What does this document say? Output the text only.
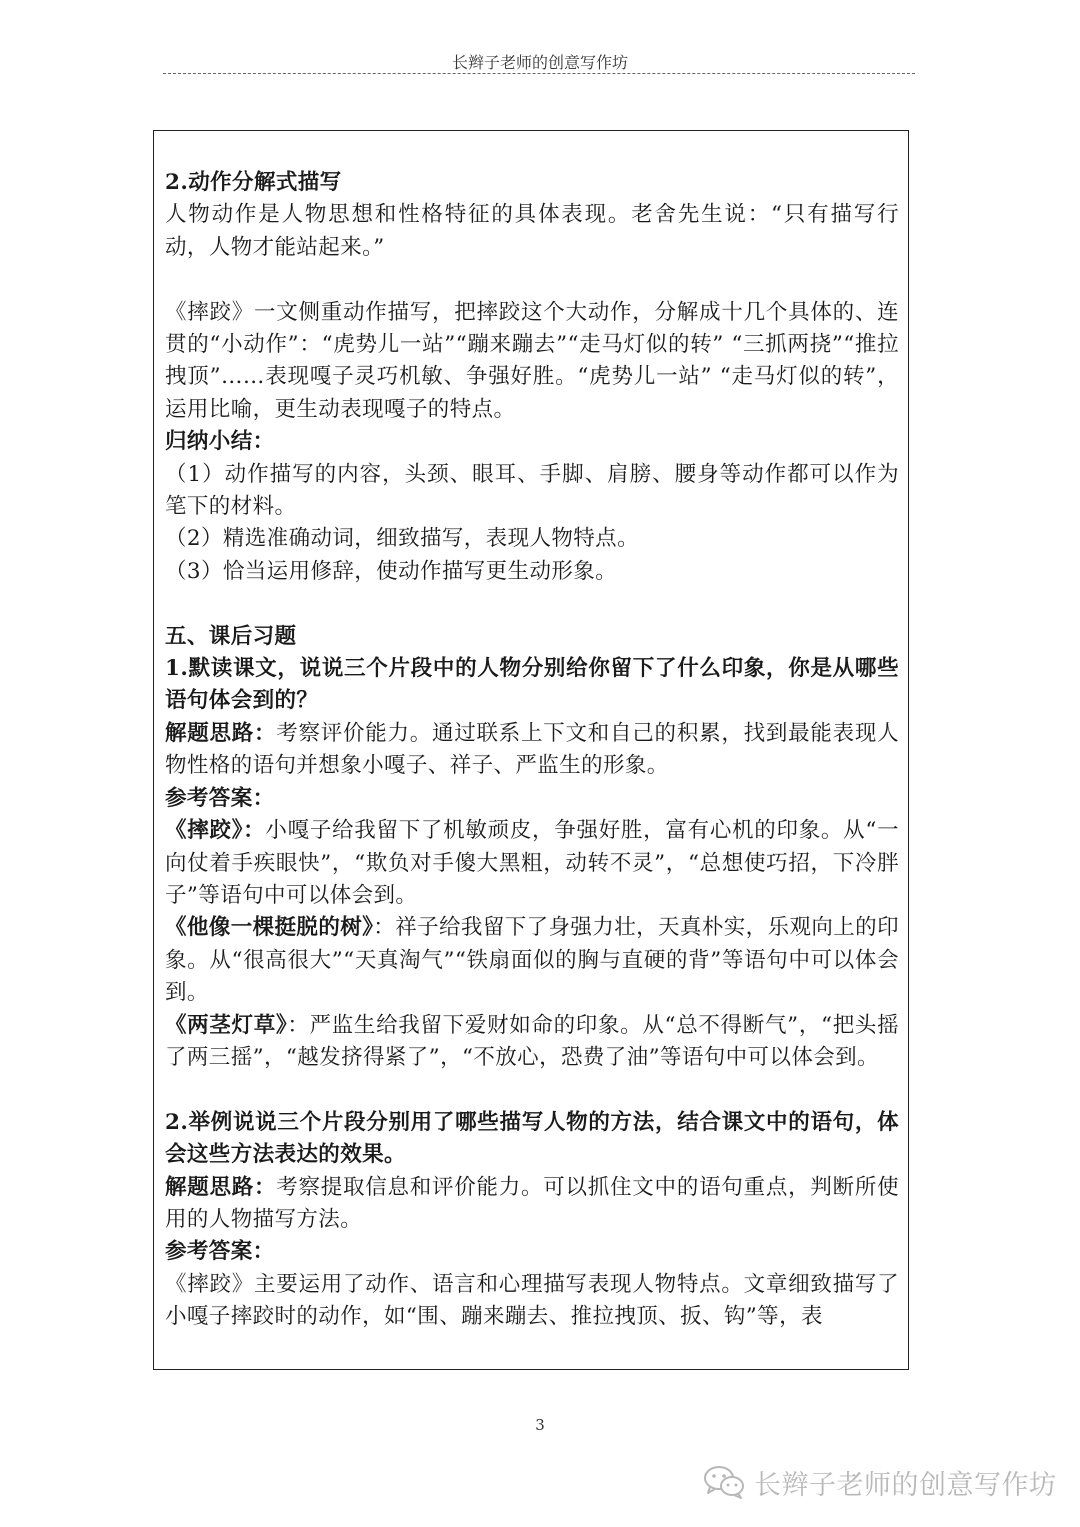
长辫子老师的创意写作坊

2.动作分解式描写

人物动作是人物思想和性格特征的具体表现。老舍先生说：“只有描写行动，人物才能站起来。”

《摔跤》一文侧重动作描写，把摔跤这个大动作，分解成十几个具体的、连贯的“小动作”：“虎势儿一站”“蹦来蹦去”“走马灯似的转” “三抓两挠”“推拉拽顶”……表现嘎子灵巧机敏、争强好胜。“虎势儿一站” “走马灯似的转”，运用比喻，更生动表现嘎子的特点。

归纳小结：

（1）动作描写的内容，头颈、眼耳、手脚、肩膀、腰身等动作都可以作为笔下的材料。

（2）精选准确动词，细致描写，表现人物特点。

（3）恰当运用修辞，使动作描写更生动形象。

五、课后习题

1.默读课文，说说三个片段中的人物分别给你留下了什么印象，你是从哪些语句体会到的？

解题思路：考察评价能力。通过联系上下文和自己的积累，找到最能表现人物性格的语句并想象小嘎子、祥子、严监生的形象。

参考答案：

《摔跤》：小嘎子给我留下了机敏顽皮，争强好胜，富有心机的印象。从“一向仗着手疾眼快”，“欺负对手傻大黑粗，动转不灵”，“总想使巧招，下冷胖子”等语句中可以体会到。

《他像一棵挺脱的树》：祥子给我留下了身强力壮，天真朴实，乐观向上的印象。从“很高很大”“天真淘气”“铁扇面似的胸与直硬的背”等语句中可以体会到。

《两茎灯草》：严监生给我留下爱财如命的印象。从“总不得断气”，“把头摇了两三摇”，“越发挤得紧了”，“不放心，恐费了油”等语句中可以体会到。

2.举例说说三个片段分别用了哪些描写人物的方法，结合课文中的语句，体会这些方法表达的效果。

解题思路：考察提取信息和评价能力。可以抓住文中的语句重点，判断所使用的人物描写方法。

参考答案：

《摔跤》主要运用了动作、语言和心理描写表现人物特点。文章细致描写了小嘎子摔跤时的动作，如“围、蹦来蹦去、推拉拽顶、扳、钩”等，表

3
长辫子老师的创意写作坊
